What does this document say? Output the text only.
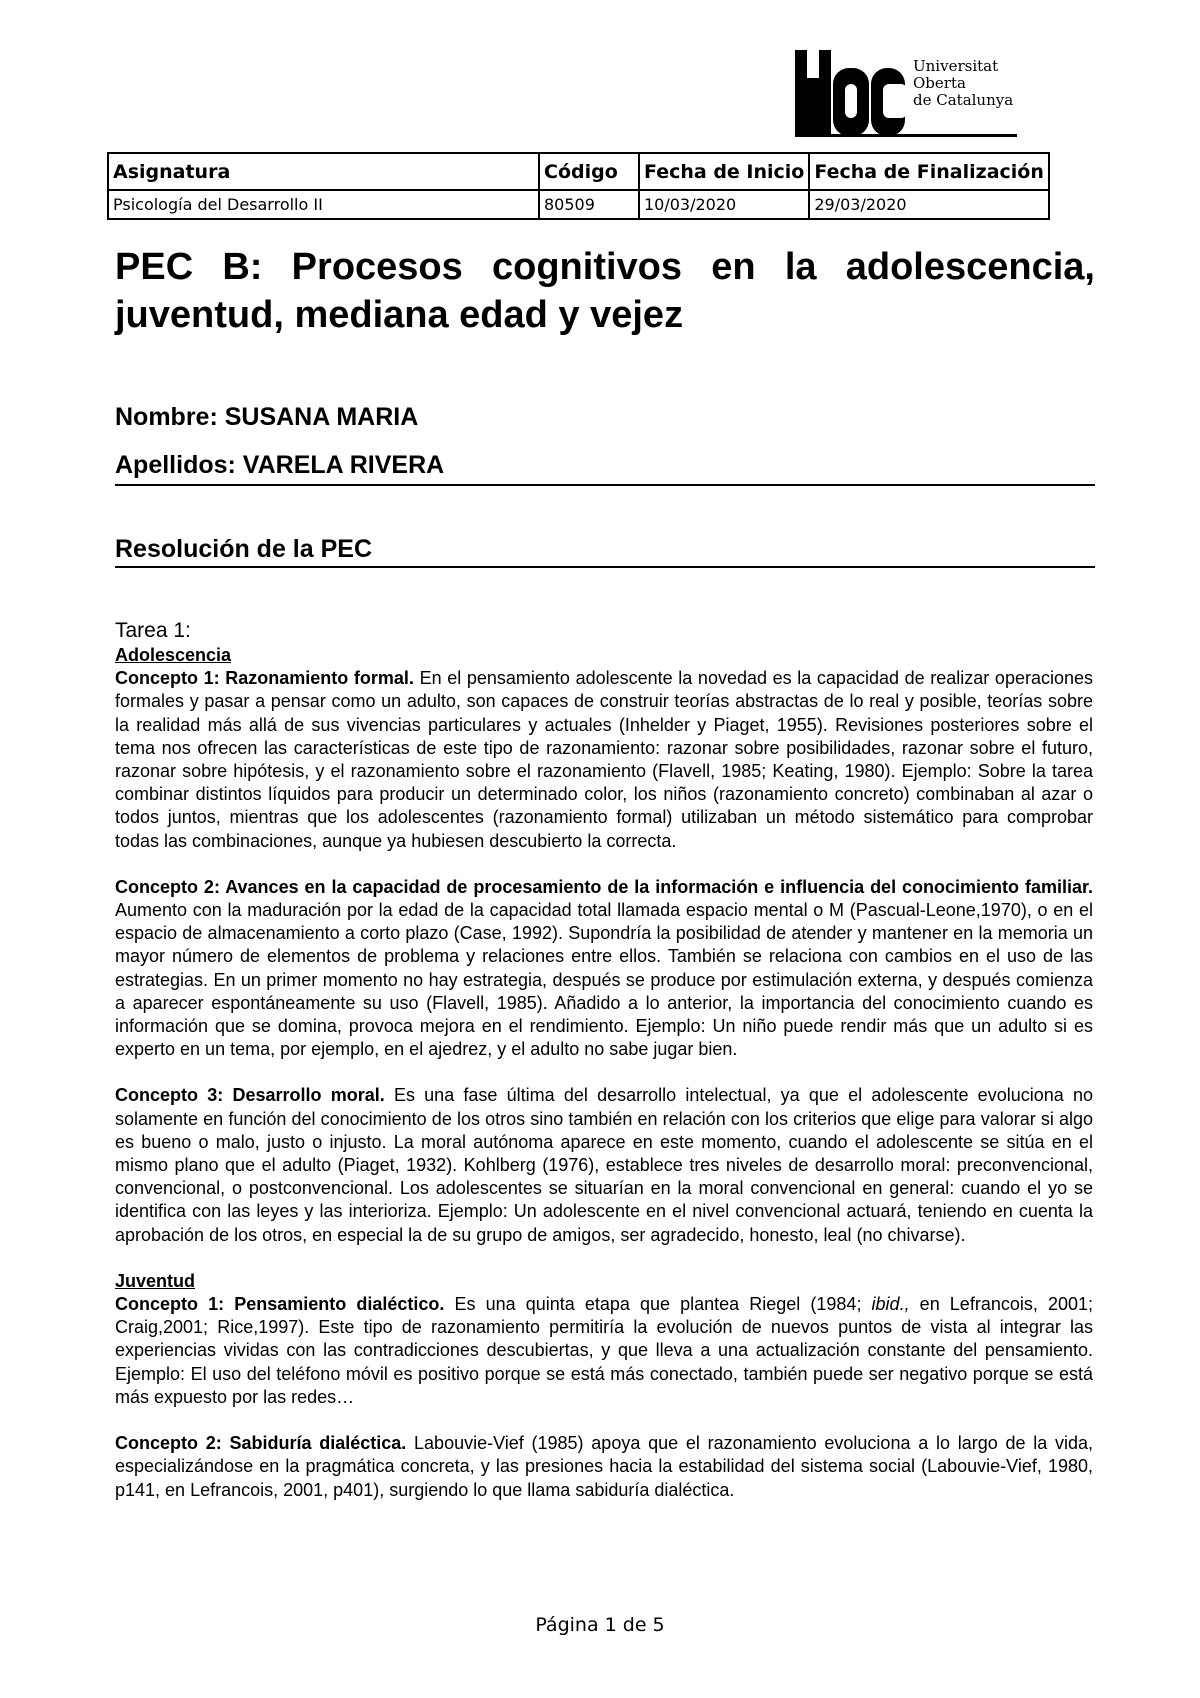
Universitat
Oberta
de Catalunya
Asignatura	Código	Fecha de Inicio	Fecha de Finalización
Psicología del Desarrollo II	80509	10/03/2020	29/03/2020
PEC B: Procesos cognitivos en la adolescencia, juventud, mediana edad y vejez

Nombre: SUSANA MARIA

Apellidos: VARELA RIVERA

Resolución de la PEC

Tarea 1:

Adolescencia

Concepto 1: Razonamiento formal. En el pensamiento adolescente la novedad es la capacidad de realizar operaciones formales y pasar a pensar como un adulto, son capaces de construir teorías abstractas de lo real y posible, teorías sobre la realidad más allá de sus vivencias particulares y actuales (Inhelder y Piaget, 1955). Revisiones posteriores sobre el tema nos ofrecen las características de este tipo de razonamiento: razonar sobre posibilidades, razonar sobre el futuro, razonar sobre hipótesis, y el razonamiento sobre el razonamiento (Flavell, 1985; Keating, 1980). Ejemplo: Sobre la tarea combinar distintos líquidos para producir un determinado color, los niños (razonamiento concreto) combinaban al azar o todos juntos, mientras que los adolescentes (razonamiento formal) utilizaban un método sistemático para comprobar todas las combinaciones, aunque ya hubiesen descubierto la correcta.

Concepto 2: Avances en la capacidad de procesamiento de la información e influencia del conocimiento familiar. Aumento con la maduración por la edad de la capacidad total llamada espacio mental o M (Pascual-Leone,1970), o en el espacio de almacenamiento a corto plazo (Case, 1992). Supondría la posibilidad de atender y mantener en la memoria un mayor número de elementos de problema y relaciones entre ellos. También se relaciona con cambios en el uso de las estrategias. En un primer momento no hay estrategia, después se produce por estimulación externa, y después comienza a aparecer espontáneamente su uso (Flavell, 1985). Añadido a lo anterior, la importancia del conocimiento cuando es información que se domina, provoca mejora en el rendimiento. Ejemplo: Un niño puede rendir más que un adulto si es experto en un tema, por ejemplo, en el ajedrez, y el adulto no sabe jugar bien.

Concepto 3: Desarrollo moral. Es una fase última del desarrollo intelectual, ya que el adolescente evoluciona no solamente en función del conocimiento de los otros sino también en relación con los criterios que elige para valorar si algo es bueno o malo, justo o injusto. La moral autónoma aparece en este momento, cuando el adolescente se sitúa en el mismo plano que el adulto (Piaget, 1932). Kohlberg (1976), establece tres niveles de desarrollo moral: preconvencional, convencional, o postconvencional. Los adolescentes se situarían en la moral convencional en general: cuando el yo se identifica con las leyes y las interioriza. Ejemplo: Un adolescente en el nivel convencional actuará, teniendo en cuenta la aprobación de los otros, en especial la de su grupo de amigos, ser agradecido, honesto, leal (no chivarse).

Juventud

Concepto 1: Pensamiento dialéctico. Es una quinta etapa que plantea Riegel (1984; ibid., en Lefrancois, 2001; Craig,2001; Rice,1997). Este tipo de razonamiento permitiría la evolución de nuevos puntos de vista al integrar las experiencias vividas con las contradicciones descubiertas, y que lleva a una actualización constante del pensamiento. Ejemplo: El uso del teléfono móvil es positivo porque se está más conectado, también puede ser negativo porque se está más expuesto por las redes…

Concepto 2: Sabiduría dialéctica. Labouvie-Vief (1985) apoya que el razonamiento evoluciona a lo largo de la vida, especializándose en la pragmática concreta, y las presiones hacia la estabilidad del sistema social (Labouvie-Vief, 1980, p141, en Lefrancois, 2001, p401), surgiendo lo que llama sabiduría dialéctica.

Página 1 de 5
